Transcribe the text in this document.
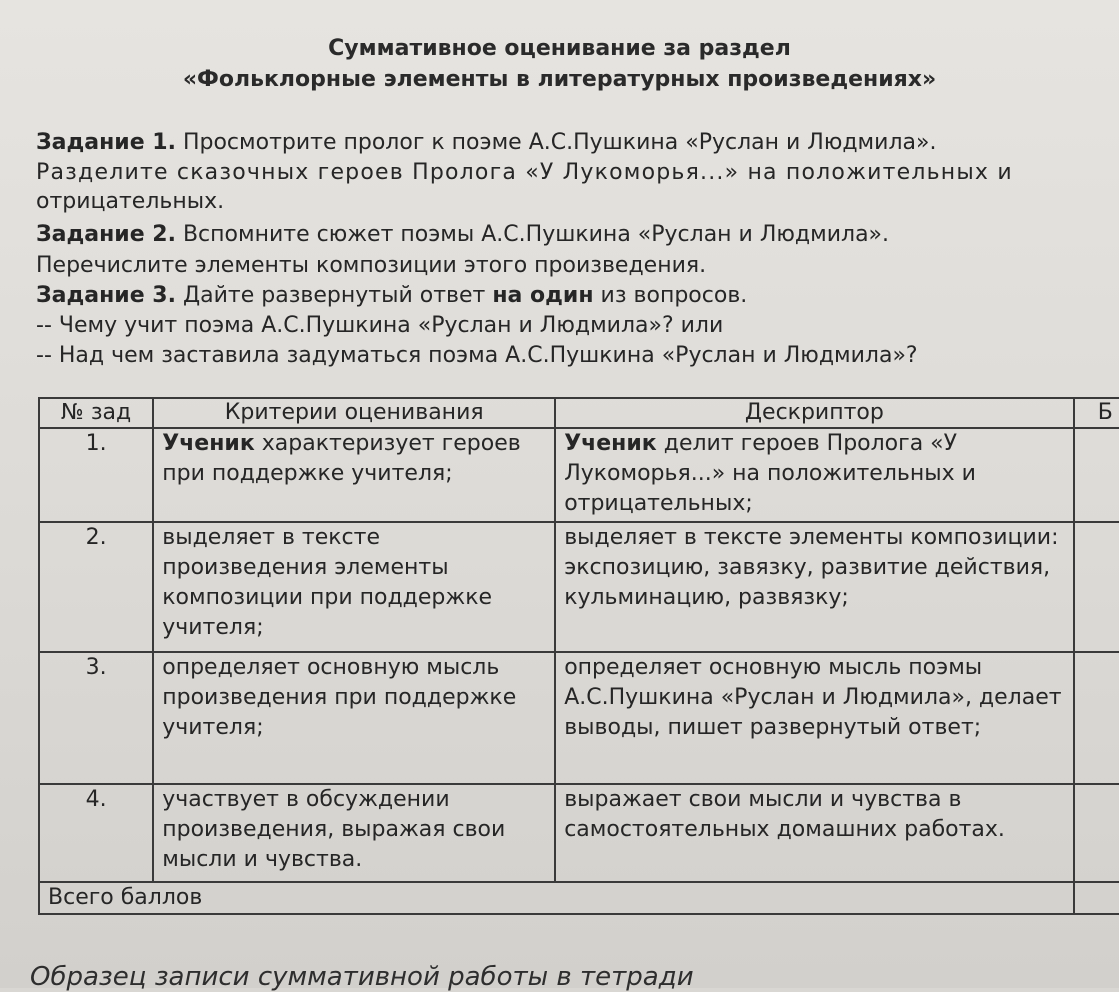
Суммативное оценивание за раздел
«Фольклорные элементы в литературных произведениях»
Задание 1. Просмотрите пролог к поэме А.С.Пушкина «Руслан и Людмила».
Разделите сказочных героев Пролога «У Лукоморья...» на положительных и
отрицательных.
Задание 2. Вспомните сюжет поэмы А.С.Пушкина «Руслан и Людмила».
Перечислите элементы композиции этого произведения.
Задание 3. Дайте развернутый ответ на один из вопросов.
-- Чему учит поэма А.С.Пушкина «Руслан и Людмила»? или
-- Над чем заставила задуматься поэма А.С.Пушкина «Руслан и Людмила»?
№ зад	Критерии оценивания	Дескриптор	Б
1.	Ученик характеризует героев при поддержке учителя;	Ученик делит героев Пролога «У Лукоморья...» на положительных и отрицательных;	
2.	выделяет в тексте произведения элементы композиции при поддержке учителя;	выделяет в тексте элементы композиции: экспозицию, завязку, развитие действия, кульминацию, развязку;	
3.	определяет основную мысль произведения при поддержке учителя;	определяет основную мысль поэмы А.С.Пушкина «Руслан и Людмила», делает выводы, пишет развернутый ответ;	
4.	участвует в обсуждении произведения, выражая свои мысли и чувства.	выражает свои мысли и чувства в самостоятельных домашних работах.	
Всего баллов			
Образец записи суммативной работы в тетради
